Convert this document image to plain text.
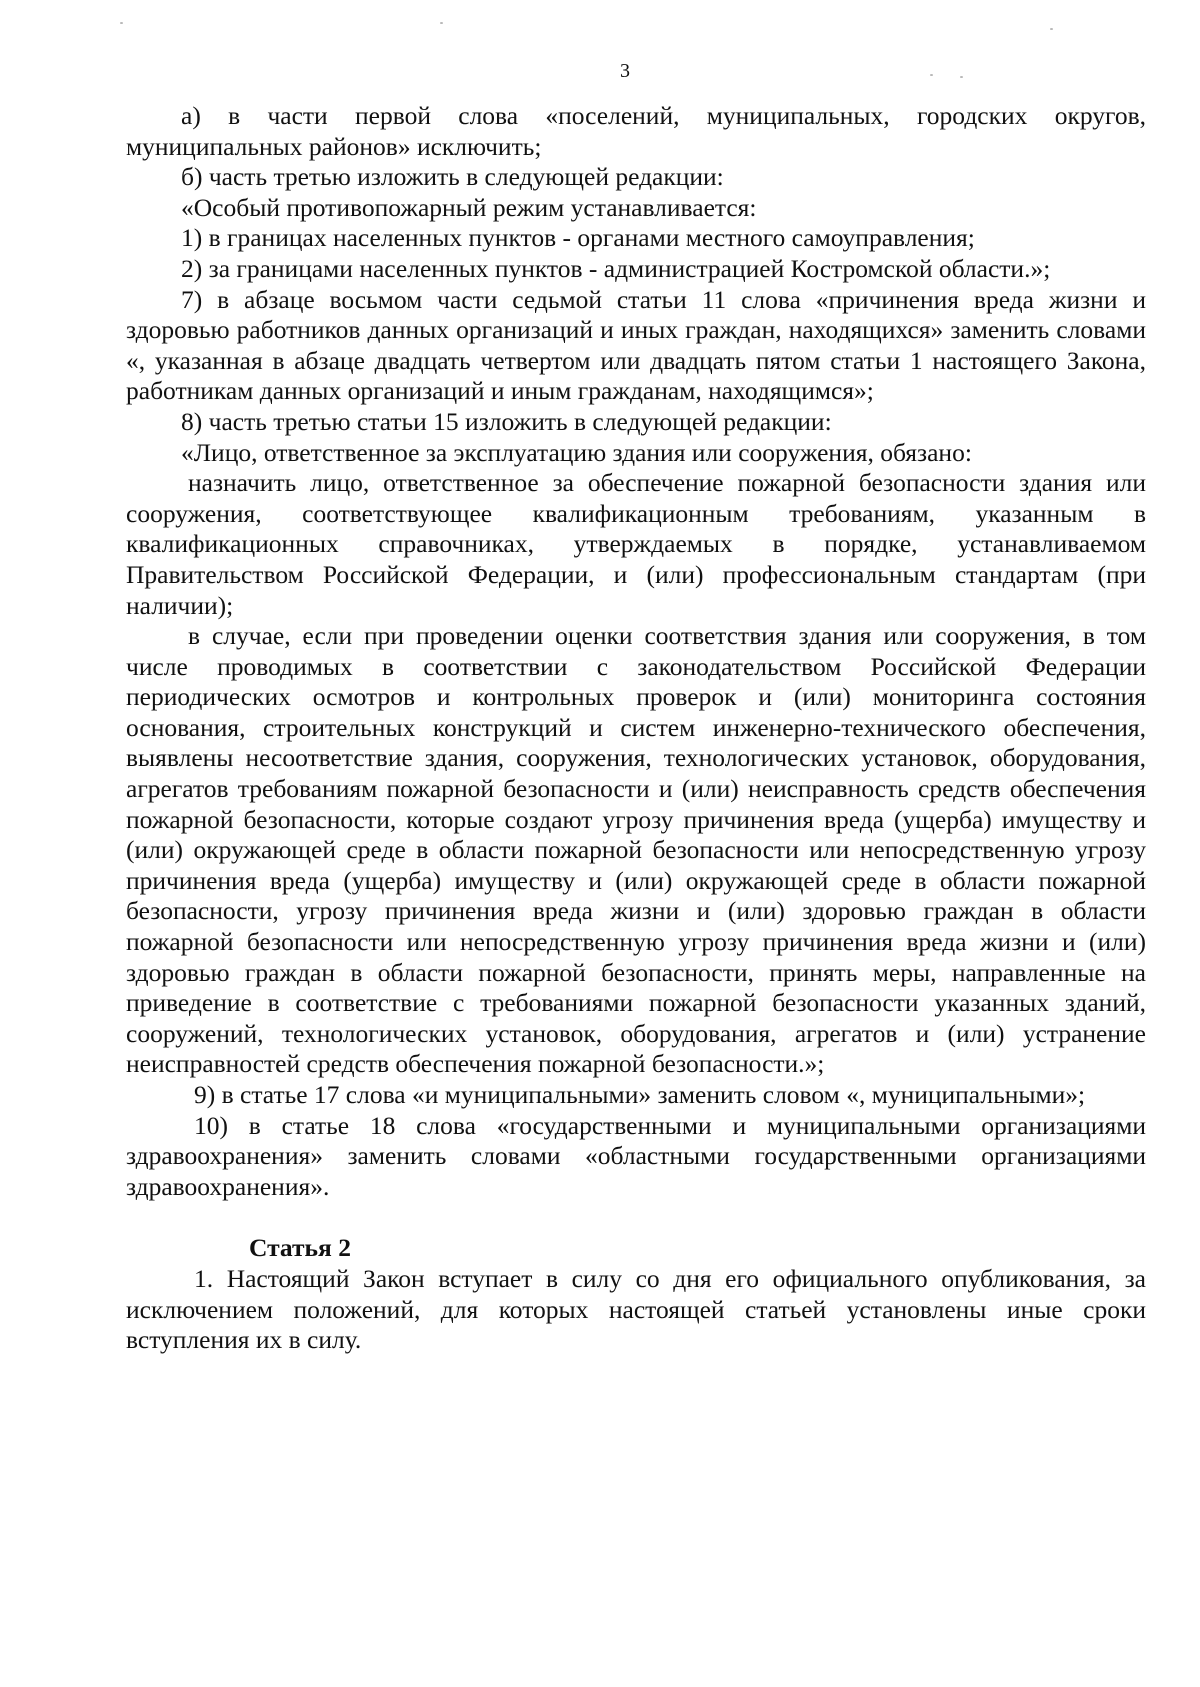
3

а) в части первой слова «поселений, муниципальных, городских округов, муниципальных районов» исключить;

б) часть третью изложить в следующей редакции:

«Особый противопожарный режим устанавливается:

1) в границах населенных пунктов - органами местного самоуправления;

2) за границами населенных пунктов - администрацией Костромской области.»;

7) в абзаце восьмом части седьмой статьи 11 слова «причинения вреда жизни и здоровью работников данных организаций и иных граждан, находящихся» заменить словами «, указанная в абзаце двадцать четвертом или двадцать пятом статьи 1 настоящего Закона, работникам данных организаций и иным гражданам, находящимся»;

8) часть третью статьи 15 изложить в следующей редакции:

«Лицо, ответственное за эксплуатацию здания или сооружения, обязано:

назначить лицо, ответственное за обеспечение пожарной безопасности здания или сооружения, соответствующее квалификационным требованиям, указанным в квалификационных справочниках, утверждаемых в порядке, устанавливаемом Правительством Российской Федерации, и (или) профессиональным стандартам (при наличии);

в случае, если при проведении оценки соответствия здания или сооружения, в том числе проводимых в соответствии с законодательством Российской Федерации периодических осмотров и контрольных проверок и (или) мониторинга состояния основания, строительных конструкций и систем инженерно-технического обеспечения, выявлены несоответствие здания, сооружения, технологических установок, оборудования, агрегатов требованиям пожарной безопасности и (или) неисправность средств обеспечения пожарной безопасности, которые создают угрозу причинения вреда (ущерба) имуществу и (или) окружающей среде в области пожарной безопасности или непосредственную угрозу причинения вреда (ущерба) имуществу и (или) окружающей среде в области пожарной безопасности, угрозу причинения вреда жизни и (или) здоровью граждан в области пожарной безопасности или непосредственную угрозу причинения вреда жизни и (или) здоровью граждан в области пожарной безопасности, принять меры, направленные на приведение в соответствие с требованиями пожарной безопасности указанных зданий, сооружений, технологических установок, оборудования, агрегатов и (или) устранение неисправностей средств обеспечения пожарной безопасности.»;

9) в статье 17 слова «и муниципальными» заменить словом «, муниципальными»;

10) в статье 18 слова «государственными и муниципальными организациями здравоохранения» заменить словами «областными государственными организациями здравоохранения».

Статья 2

1. Настоящий Закон вступает в силу со дня его официального опубликования, за исключением положений, для которых настоящей статьей установлены иные сроки вступления их в силу.
